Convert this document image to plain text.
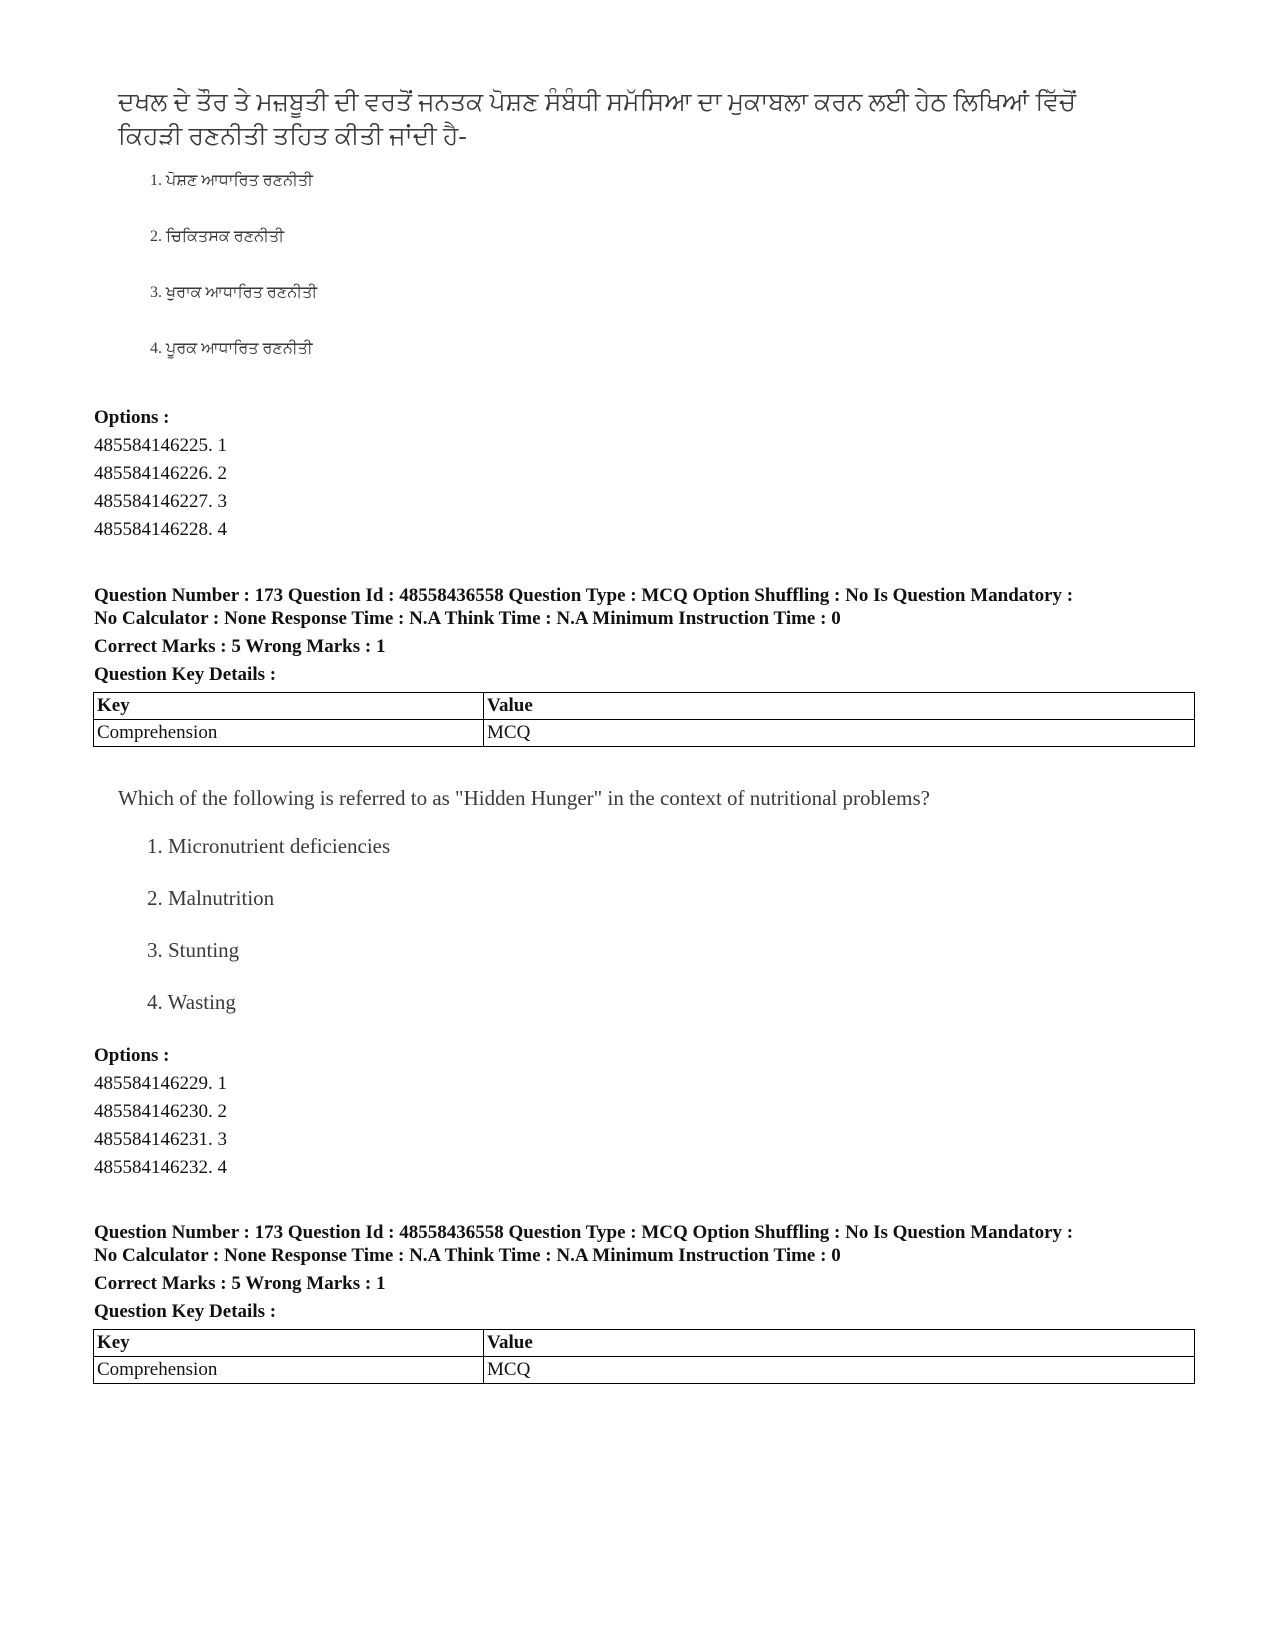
ਦਖਲ ਦੇ ਤੌਰ ਤੇ ਮਜ਼ਬੂਤੀ ਦੀ ਵਰਤੋਂ ਜਨਤਕ ਪੋਸ਼ਣ ਸੰਬੰਧੀ ਸਮੱਸਿਆ ਦਾ ਮੁਕਾਬਲਾ ਕਰਨ ਲਈ ਹੇਠ ਲਿਖਿਆਂ ਵਿੱਚੋਂ ਕਿਹੜੀ ਰਣਨੀਤੀ ਤਹਿਤ ਕੀਤੀ ਜਾਂਦੀ ਹੈ-
1. ਪੋਸ਼ਣ ਆਧਾਰਿਤ ਰਣਨੀਤੀ
2. ਚਿਕਿਤਸਕ ਰਣਨੀਤੀ
3. ਖੁਰਾਕ ਆਧਾਰਿਤ ਰਣਨੀਤੀ
4. ਪੂਰਕ ਆਧਾਰਿਤ ਰਣਨੀਤੀ
Options :
485584146225. 1
485584146226. 2
485584146227. 3
485584146228. 4
Question Number : 173 Question Id : 48558436558 Question Type : MCQ Option Shuffling : No Is Question Mandatory :
No Calculator : None Response Time : N.A Think Time : N.A Minimum Instruction Time : 0
Correct Marks : 5 Wrong Marks : 1
Question Key Details :
Key	Value
Comprehension	MCQ
Which of the following is referred to as "Hidden Hunger" in the context of nutritional problems?
1. Micronutrient deficiencies
2. Malnutrition
3. Stunting
4. Wasting
Options :
485584146229. 1
485584146230. 2
485584146231. 3
485584146232. 4
Question Number : 173 Question Id : 48558436558 Question Type : MCQ Option Shuffling : No Is Question Mandatory :
No Calculator : None Response Time : N.A Think Time : N.A Minimum Instruction Time : 0
Correct Marks : 5 Wrong Marks : 1
Question Key Details :
Key	Value
Comprehension	MCQ
